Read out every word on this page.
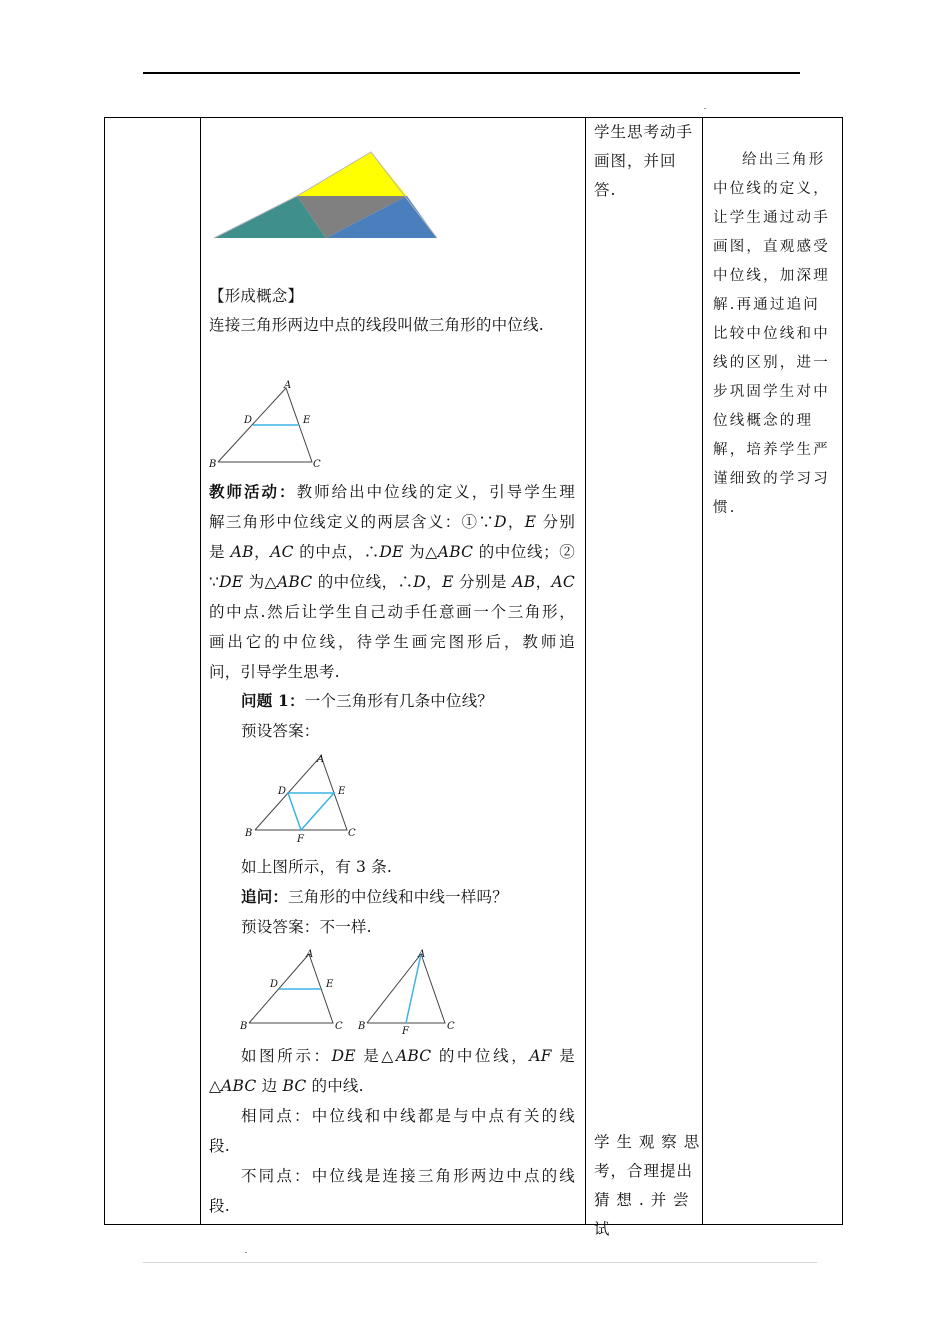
【形成概念】
连接三角形两边中点的线段叫做三角形的中位线.
A
B	C
D	E
教师活动：教师给出中位线的定义，引导学生理
解三角形中位线定义的两层含义：①∵D，E 分别
是 AB，AC 的中点，∴DE 为△ABC 的中位线；②
∵DE 为△ABC 的中位线，∴D，E 分别是 AB，AC
的中点.然后让学生自己动手任意画一个三角形，
画出它的中位线，待学生画完图形后，教师追
问，引导学生思考.
问题 1：一个三角形有几条中位线？
预设答案：
A
B	C
D	E
F
如上图所示，有 3 条.
追问：三角形的中位线和中线一样吗？
预设答案：不一样.
A
B	C
D	E
A
B	C
F
如图所示：DE 是△ABC 的中位线，AF 是
△ABC 边 BC 的中线.
相同点：中位线和中线都是与中点有关的线
段.
不同点：中位线是连接三角形两边中点的线
段.

学生思考动手
画图，并回
答.
学 生 观 察 思
考，合理提出
猜 想 . 并 尝 试

给出三角形中位线的定义，让学生通过动手画图，直观感受中位线，加深理解.再通过追问比较中位线和中线的区别，进一步巩固学生对中位线概念的理解，培养学生严谨细致的学习习惯.
